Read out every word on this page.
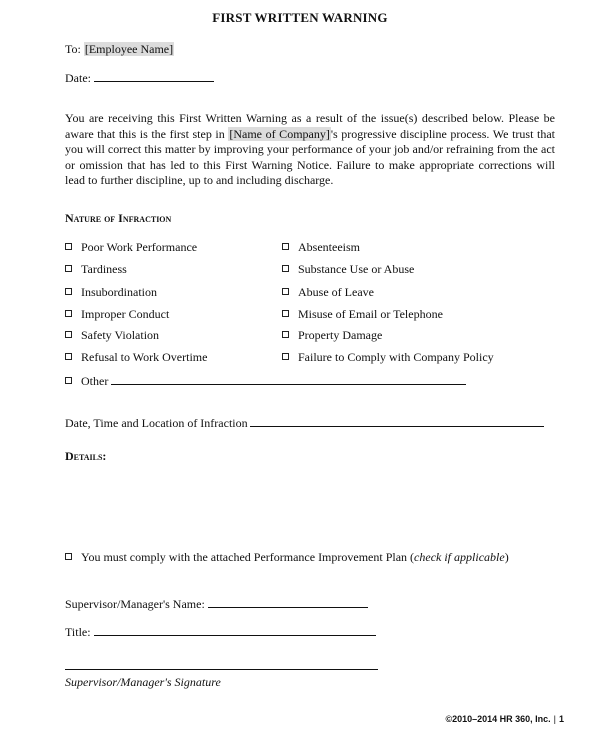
FIRST WRITTEN WARNING
To: [Employee Name]
Date:
You are receiving this First Written Warning as a result of the issue(s) described below. Please be aware that this is the first step in [Name of Company]'s progressive discipline process. We trust that you will correct this matter by improving your performance of your job and/or refraining from the act or omission that has led to this First Warning Notice. Failure to make appropriate corrections will lead to further discipline, up to and including discharge.
Nature of Infraction
Poor Work Performance
Tardiness
Insubordination
Improper Conduct
Safety Violation
Refusal to Work Overtime
Absenteeism
Substance Use or Abuse
Abuse of Leave
Misuse of Email or Telephone
Property Damage
Failure to Comply with Company Policy
Other
Date, Time and Location of Infraction
Details:
You must comply with the attached Performance Improvement Plan (check if applicable)
Supervisor/Manager's Name:
Title:
Supervisor/Manager's Signature
©2010–2014 HR 360, Inc. | 1
